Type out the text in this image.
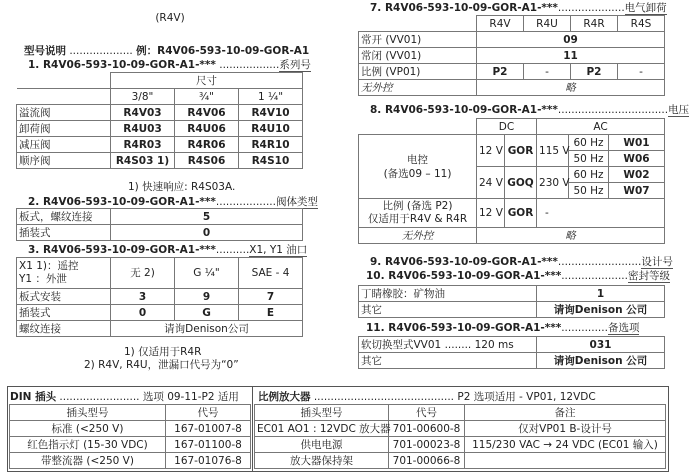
(R4V)
型号说明 ................... 例：R4V06-593-10-09-GOR-A1
1. R4V06-593-10-09-GOR-A1-*** ..................系列号
	尺寸		
	3/8"	¾"	1 ¼"
溢流阀	R4V03	R4V06	R4V10
卸荷阀	R4U03	R4U06	R4U10
减压阀	R4R03	R4R06	R4R10
顺序阀	R4S03 1)	R4S06	R4S10
1) 快速响应: R4S03A.
2. R4V06-593-10-09-GOR-A1-***..................阀体类型
板式，螺纹连接	5
插装式	0
3. R4V06-593-10-09-GOR-A1-***..........X1, Y1 油口
X1 1)：遥控
Y1 ：外泄	无 2)	G ¼"	SAE - 4
板式安装	3	9	7
插装式	0	G	E
螺纹连接	请询Denison公司		
1) 仅适用于R4R
2) R4V, R4U，泄漏口代号为“0”
7. R4V06-593-10-09-GOR-A1-***....................电气卸荷
	R4V	R4U	R4R	R4S
常开 (VV01)	09			
常闭 (VV01)	11			
比例 (VP01)	P2	-	P2	-
无外控	略			
8. R4V06-593-10-09-GOR-A1-***.................................电压
	DC		AC		
电控
(备选09 – 11)	12 V	GOR	115 V	60 Hz	W01
				50 Hz	W06
	24 V	GOQ	230 V	60 Hz	W02
				50 Hz	W07
比例 (备选 P2)
仅适用于R4V & R4R	12 V	GOR	-		
无外控	略				
9. R4V06-593-10-09-GOR-A1-***.........................设计号
10. R4V06-593-10-09-GOR-A1-***....................密封等级
丁睛橡胶：矿物油	1
其它	请询Denison 公司
11. R4V06-593-10-09-GOR-A1-***..............备选项
软切换型式VV01 ........ 120 ms	031
其它	请询Denison 公司
DIN 插头 ........................ 选项 09-11-P2 适用
插头型号	代号
标准 (<250 V)	167-01007-8
红色指示灯 (15-30 VDC)	167-01100-8
带整流器 (<250 V)	167-01076-8
比例放大器 .......................................... P2 选项适用 - VP01, 12VDC
插头型号	代号	备注
EC01 AO1 : 12VDC 放大器	701-00600-8	仅对VP01 B-设计号
供电电源	701-00023-8	115/230 VAC → 24 VDC (EC01 输入)
放大器保持架	701-00066-8	
